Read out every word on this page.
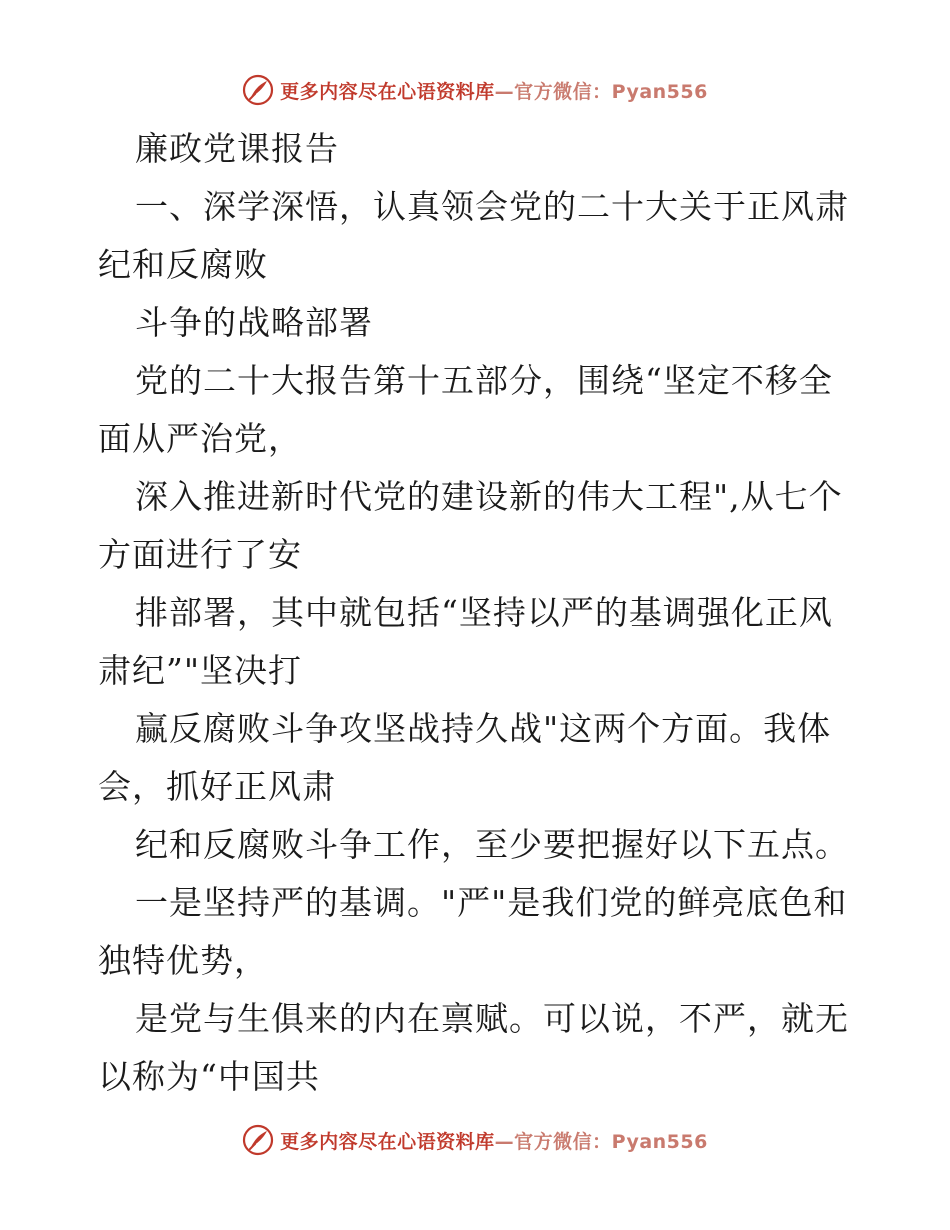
更多内容尽在心语资料库—官方微信：Pyan556
廉政党课报告
一、深学深悟，认真领会党的二十大关于正风肃
纪和反腐败
斗争的战略部署
党的二十大报告第十五部分，围绕“坚定不移全
面从严治党，
深入推进新时代党的建设新的伟大工程",从七个
方面进行了安
排部署，其中就包括“坚持以严的基调强化正风
肃纪”"坚决打
赢反腐败斗争攻坚战持久战"这两个方面。我体
会，抓好正风肃
纪和反腐败斗争工作，至少要把握好以下五点。
一是坚持严的基调。"严"是我们党的鲜亮底色和
独特优势，
是党与生俱来的内在禀赋。可以说，不严，就无
以称为“中国共
更多内容尽在心语资料库—官方微信：Pyan556
